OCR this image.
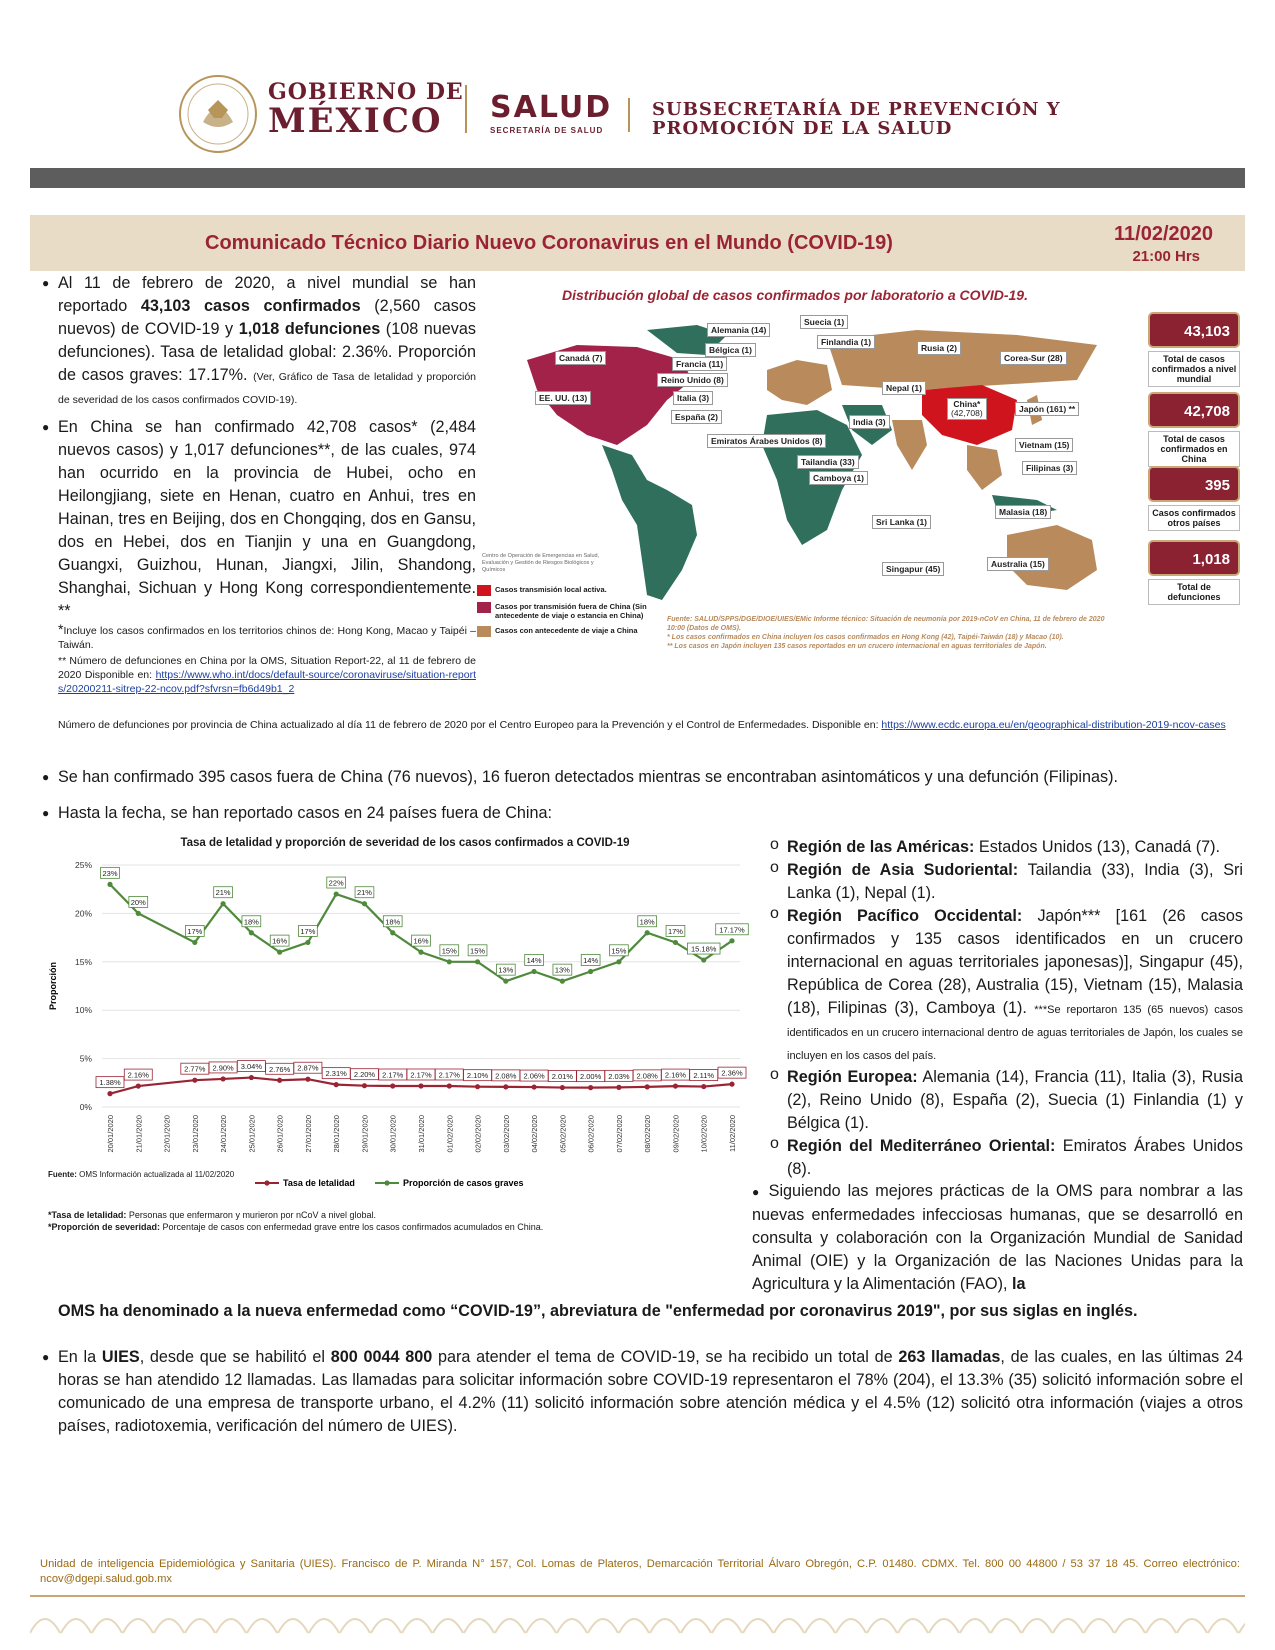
GOBIERNO DE
MÉXICO SALUD
SECRETARÍA DE SALUD
SUBSECRETARÍA DE PREVENCIÓN Y
PROMOCIÓN DE LA SALUD
Comunicado Técnico Diario Nuevo Coronavirus en el Mundo (COVID-19)	11/02/2020
21:00 Hrs
Al 11 de febrero de 2020, a nivel mundial se han reportado 43,103 casos confirmados (2,560 casos nuevos) de COVID-19 y 1,018 defunciones (108 nuevas defunciones). Tasa de letalidad global: 2.36%. Proporción de casos graves: 17.17%. (Ver, Gráfico de Tasa de letalidad y proporción de severidad de los casos confirmados COVID-19).
●
● En China se han confirmado 42,708 casos* (2,484 nuevos casos) y 1,017 defunciones**, de las cuales, 974 han ocurrido en la provincia de Hubei, ocho en Heilongjiang, siete en Henan, cuatro en Anhui, tres en Hainan, tres en Beijing, dos en Chongqing, dos en Gansu, dos en Hebei, dos en Tianjin y una en Guangdong, Guangxi, Guizhou, Hunan, Jiangxi, Jilin, Shandong, Shanghai, Sichuan y Hong Kong correspondientemente. **
*Incluye los casos confirmados en los territorios chinos de: Hong Kong, Macao y Taipéi – Taiwán.
** Número de defunciones en China por la OMS, Situation Report-22, al 11 de febrero de 2020 Disponible en: https://www.who.int/docs/default-source/coronaviruse/situation-reports/20200211-sitrep-22-ncov.pdf?sfvrsn=fb6d49b1_2
Número de defunciones por provincia de China actualizado al día 11 de febrero de 2020 por el Centro Europeo para la Prevención y el Control de Enfermedades. Disponible en: https://www.ecdc.europa.eu/en/geographical-distribution-2019-ncov-cases
Distribución global de casos confirmados por laboratorio a COVID-19.
Suecia (1)
Alemania (14)
Finlandia (1)
Rusia (2)
Bélgica (1)
Canadá (7)
Francia (11)
Corea-Sur (28)
Reino Unido (8)
Nepal (1)
EE. UU. (13)	Italia (3)
China*
(42,708)	Japón (161) **
España (2)	India (3)
Emiratos Árabes Unidos (8)	Vietnam (15)
Tailandia (33)
Filipinas (3)
Camboya (1)
Malasia (18)
Sri Lanka (1)
Australia (15)
Singapur (45)
Centro de Operación de Emergencias en Salud, Evaluación y Gestión de Riesgos Biológicos y Químicos
Casos transmisión local activa.
Casos por transmisión fuera de China (Sin antecedente de viaje o estancia en China)
Casos con antecedente de viaje a China
Fuente: SALUD/SPPS/DGE/DIOE/UIES/EMic Informe técnico: Situación de neumonía por 2019-nCoV en China, 11 de febrero de 2020 10:00 (Datos de OMS).
* Los casos confirmados en China incluyen los casos confirmados en Hong Kong (42), Taipéi-Taiwán (18) y Macao (10).
** Los casos en Japón incluyen 135 casos reportados en un crucero internacional en aguas territoriales de Japón.
43,103
Total de casos confirmados a nivel mundial
42,708
Total de casos confirmados en China
395
Casos confirmados otros países
1,018
Total de defunciones
● Se han confirmado 395 casos fuera de China (76 nuevos), 16 fueron detectados mientras se encontraban asintomáticos y una defunción (Filipinas).
● Hasta la fecha, se han reportado casos en 24 países fuera de China:
Tasa de letalidad y proporción de severidad de los casos confirmados a COVID-19
0%
5%
10%
15%
20%
25%
Proporción
20/01/2020	21/01/2020	22/01/2020	23/01/2020	24/01/2020	25/01/2020	26/01/2020	27/01/2020	28/01/2020	29/01/2020	30/01/2020	31/01/2020	01/02/2020	02/02/2020	03/02/2020	04/02/2020	05/02/2020	06/02/2020	07/02/2020	08/02/2020	09/02/2020	10/02/2020	11/02/2020
1.38%
2.16%
2.77% 2.90% 3.04% 2.76% 2.87%
2.31% 2.20% 2.17% 2.17% 2.17% 2.10% 2.08% 2.06% 2.01% 2.00% 2.03% 2.08% 2.16% 2.11% 2.36%
23%
20%
17%
21%
18%
16%
17%
22%
21%
18%
16%
15% 15%
13%
14%
13%
14%
15%
18%
17%
15.18%
17.17%
Tasa de letalidad	Proporción de casos graves
Fuente: OMS Información actualizada al 11/02/2020
*Tasa de letalidad: Personas que enfermaron y murieron por nCoV a nivel global.
*Proporción de severidad: Porcentaje de casos con enfermedad grave entre los casos confirmados acumulados en China.
o Región de las Américas: Estados Unidos (13), Canadá (7).
o Región de Asia Sudoriental: Tailandia (33), India (3), Sri Lanka (1), Nepal (1).
o Región Pacífico Occidental: Japón*** [161 (26 casos confirmados y 135 casos identificados en un crucero internacional en aguas territoriales japonesas)], Singapur (45), República de Corea (28), Australia (15), Vietnam (15), Malasia (18), Filipinas (3), Camboya (1). ***Se reportaron 135 (65 nuevos) casos identificados en un crucero internacional dentro de aguas territoriales de Japón, los cuales se incluyen en los casos del país.
o Región Europea: Alemania (14), Francia (11), Italia (3), Rusia (2), Reino Unido (8), España (2), Suecia (1) Finlandia (1) y Bélgica (1).
o Región del Mediterráneo Oriental: Emiratos Árabes Unidos (8).
● Siguiendo las mejores prácticas de la OMS para nombrar a las nuevas enfermedades infecciosas humanas, que se desarrolló en consulta y colaboración con la Organización Mundial de Sanidad Animal (OIE) y la Organización de las Naciones Unidas para la Agricultura y la Alimentación (FAO), la
OMS ha denominado a la nueva enfermedad como “COVID-19”, abreviatura de "enfermedad por coronavirus 2019", por sus siglas en inglés.
● En la UIES, desde que se habilitó el 800 0044 800 para atender el tema de COVID-19, se ha recibido un total de 263 llamadas, de las cuales, en las últimas 24 horas se han atendido 12 llamadas. Las llamadas para solicitar información sobre COVID-19 representaron el 78% (204), el 13.3% (35) solicitó información sobre el comunicado de una empresa de transporte urbano, el 4.2% (11) solicitó información sobre atención médica y el 4.5% (12) solicitó otra información (viajes a otros países, radiotoxemia, verificación del número de UIES).
Unidad de inteligencia Epidemiológica y Sanitaria (UIES). Francisco de P. Miranda N° 157, Col. Lomas de Plateros, Demarcación Territorial Álvaro Obregón, C.P. 01480. CDMX. Tel. 800 00 44800 / 53 37 18 45. Correo electrónico: ncov@dgepi.salud.gob.mx
